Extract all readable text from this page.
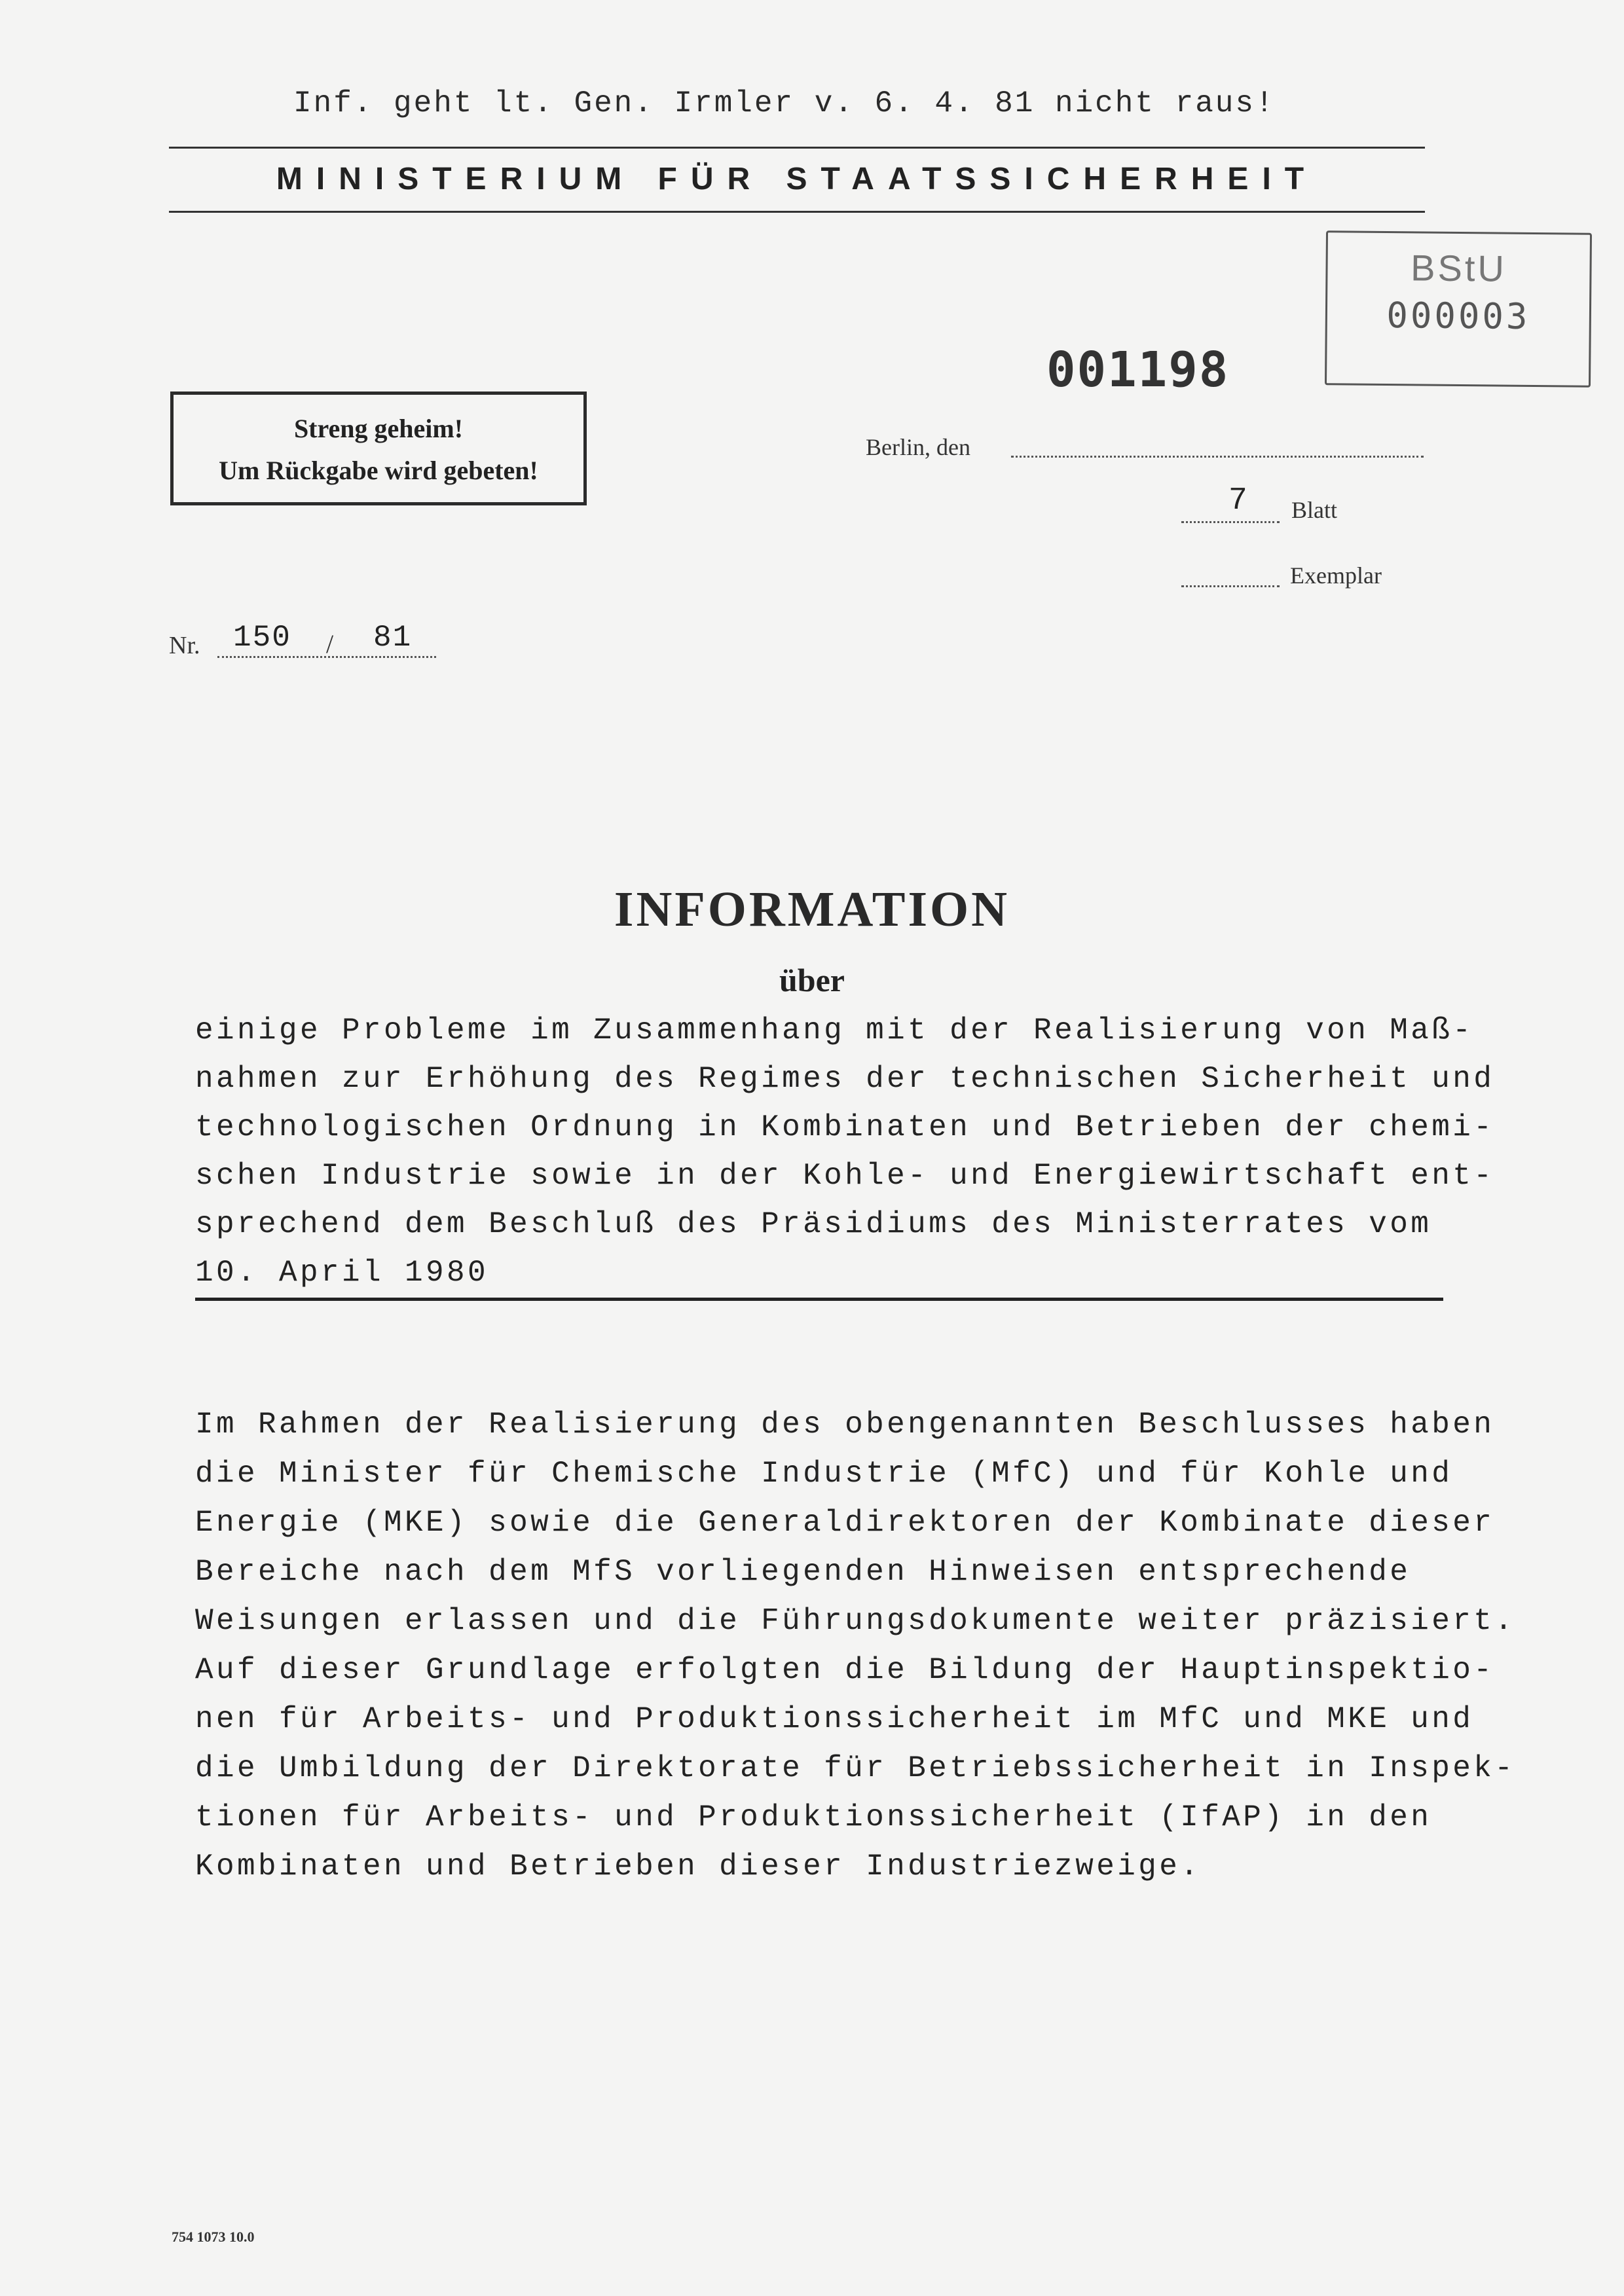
Inf. geht lt. Gen. Irmler v. 6. 4. 81 nicht raus!
MINISTERIUM FÜR STAATSSICHERHEIT
BStU
000003
001198
Streng geheim!
Um Rückgabe wird gebeten!
Berlin, den
7 Blatt
Exemplar
Nr. 150 / 81
INFORMATION
über
einige Probleme im Zusammenhang mit der Realisierung von Maß-
nahmen zur Erhöhung des Regimes der technischen Sicherheit und
technologischen Ordnung in Kombinaten und Betrieben der chemi-
schen Industrie sowie in der Kohle- und Energiewirtschaft ent-
sprechend dem Beschluß des Präsidiums des Ministerrates vom
10. April 1980
Im Rahmen der Realisierung des obengenannten Beschlusses haben
die Minister für Chemische Industrie (MfC) und für Kohle und
Energie (MKE) sowie die Generaldirektoren der Kombinate dieser
Bereiche nach dem MfS vorliegenden Hinweisen entsprechende
Weisungen erlassen und die Führungsdokumente weiter präzisiert.
Auf dieser Grundlage erfolgten die Bildung der Hauptinspektio-
nen für Arbeits- und Produktionssicherheit im MfC und MKE und
die Umbildung der Direktorate für Betriebssicherheit in Inspek-
tionen für Arbeits- und Produktionssicherheit (IfAP) in den
Kombinaten und Betrieben dieser Industriezweige.
754 1073 10.0
